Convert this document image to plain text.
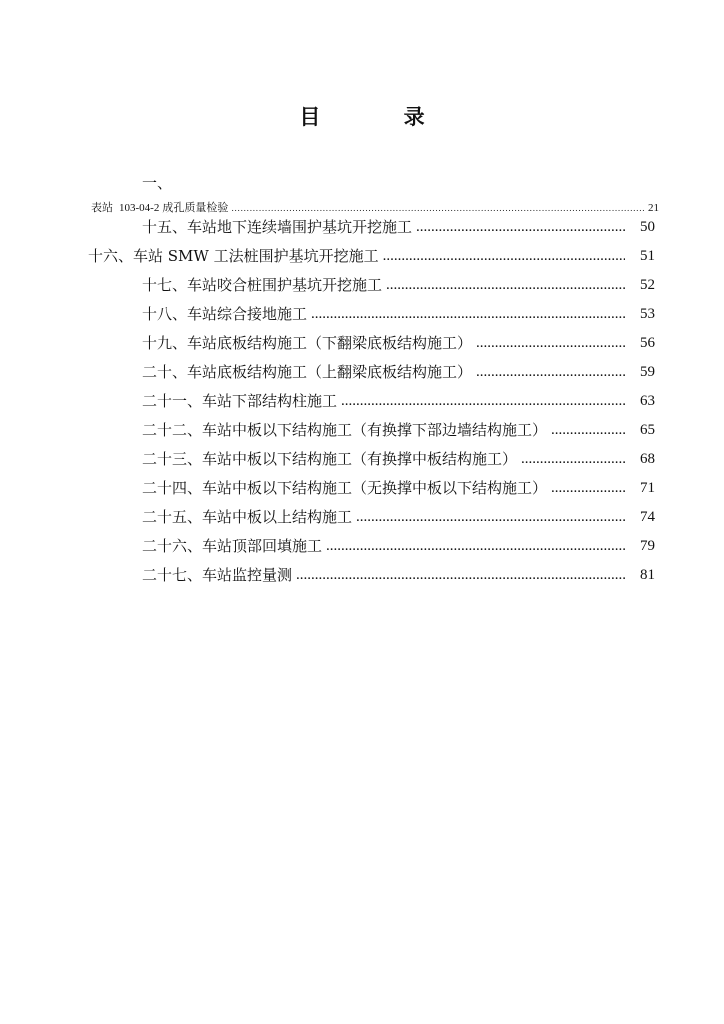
目 录
一、
表站 103-04-2 成孔质量检验 .....	21
十五、车站地下连续墙围护基坑开挖施工 .....	50
十六、车站 SMW 工法桩围护基坑开挖施工 .....	51
十七、车站咬合桩围护基坑开挖施工 .....	52
十八、车站综合接地施工 .....	53
十九、车站底板结构施工（下翻梁底板结构施工） .....	56
二十、车站底板结构施工（上翻梁底板结构施工） .....	59
二十一、车站下部结构柱施工 .....	63
二十二、车站中板以下结构施工（有换撑下部边墙结构施工） .....	65
二十三、车站中板以下结构施工（有换撑中板结构施工） .....	68
二十四、车站中板以下结构施工（无换撑中板以下结构施工） .....	71
二十五、车站中板以上结构施工 .....	74
二十六、车站顶部回填施工 .....	79
二十七、车站监控量测 .....	81
